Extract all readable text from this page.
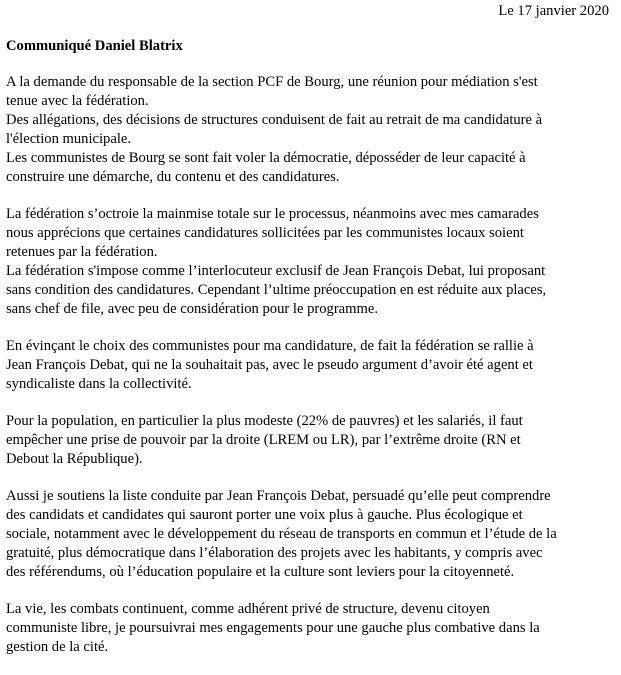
Le 17 janvier 2020

Communiqué Daniel Blatrix

A la demande du responsable de la section PCF de Bourg, une réunion pour médiation s'est
tenue avec la fédération.
Des allégations, des décisions de structures conduisent de fait au retrait de ma candidature à
l'élection municipale.
Les communistes de Bourg se sont fait voler la démocratie, déposséder de leur capacité à
construire une démarche, du contenu et des candidatures.

La fédération s’octroie la mainmise totale sur le processus, néanmoins avec mes camarades
nous apprécions que certaines candidatures sollicitées par les communistes locaux soient
retenues par la fédération.
La fédération s'impose comme l’interlocuteur exclusif de Jean François Debat, lui proposant
sans condition des candidatures. Cependant l’ultime préoccupation en est réduite aux places,
sans chef de file, avec peu de considération pour le programme.

En évinçant le choix des communistes pour ma candidature, de fait la fédération se rallie à
Jean François Debat, qui ne la souhaitait pas, avec le pseudo argument d’avoir été agent et
syndicaliste dans la collectivité.

Pour la population, en particulier la plus modeste (22% de pauvres) et les salariés, il faut
empêcher une prise de pouvoir par la droite (LREM ou LR), par l’extrême droite (RN et
Debout la République).

Aussi je soutiens la liste conduite par Jean François Debat, persuadé qu’elle peut comprendre
des candidats et candidates qui sauront porter une voix plus à gauche. Plus écologique et
sociale, notamment avec le développement du réseau de transports en commun et l’étude de la
gratuité, plus démocratique dans l’élaboration des projets avec les habitants, y compris avec
des référendums, où l’éducation populaire et la culture sont leviers pour la citoyenneté.

La vie, les combats continuent, comme adhérent privé de structure, devenu citoyen
communiste libre, je poursuivrai mes engagements pour une gauche plus combative dans la
gestion de la cité.
